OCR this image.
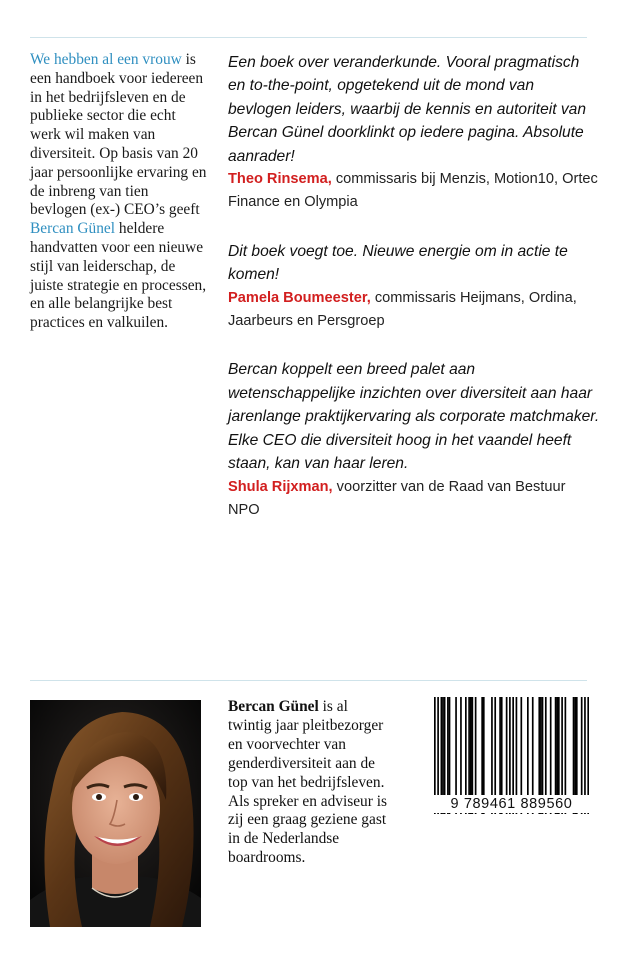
We hebben al een vrouw is een handboek voor iedereen in het bedrijfsleven en de publieke sector die echt werk wil maken van diversiteit. Op basis van 20 jaar persoonlijke ervaring en de inbreng van tien bevlogen (ex-) CEO’s geeft Bercan Günel heldere handvatten voor een nieuwe stijl van leiderschap, de juiste strategie en processen, en alle belangrijke best practices en valkuilen.
Een boek over veranderkunde. Vooral pragmatisch en to-the-point, opgetekend uit de mond van bevlogen leiders, waarbij de kennis en autoriteit van Bercan Günel doorklinkt op iedere pagina. Absolute aanrader!
Theo Rinsema, commissaris bij Menzis, Motion10, Ortec Finance en Olympia
Dit boek voegt toe. Nieuwe energie om in actie te komen!
Pamela Boumeester, commissaris Heijmans, Ordina, Jaarbeurs en Persgroep
Bercan koppelt een breed palet aan wetenschappelijke inzichten over diversiteit aan haar jarenlange praktijkervaring als corporate matchmaker. Elke CEO die diversiteit hoog in het vaandel heeft staan, kan van haar leren.
Shula Rijxman, voorzitter van de Raad van Bestuur NPO
Bercan Günel is al twintig jaar pleitbezorger en voorvechter van genderdiversiteit aan de top van het bedrijfsleven. Als spreker en adviseur is zij een graag geziene gast in de Nederlandse boardrooms.
9 789461 889560
